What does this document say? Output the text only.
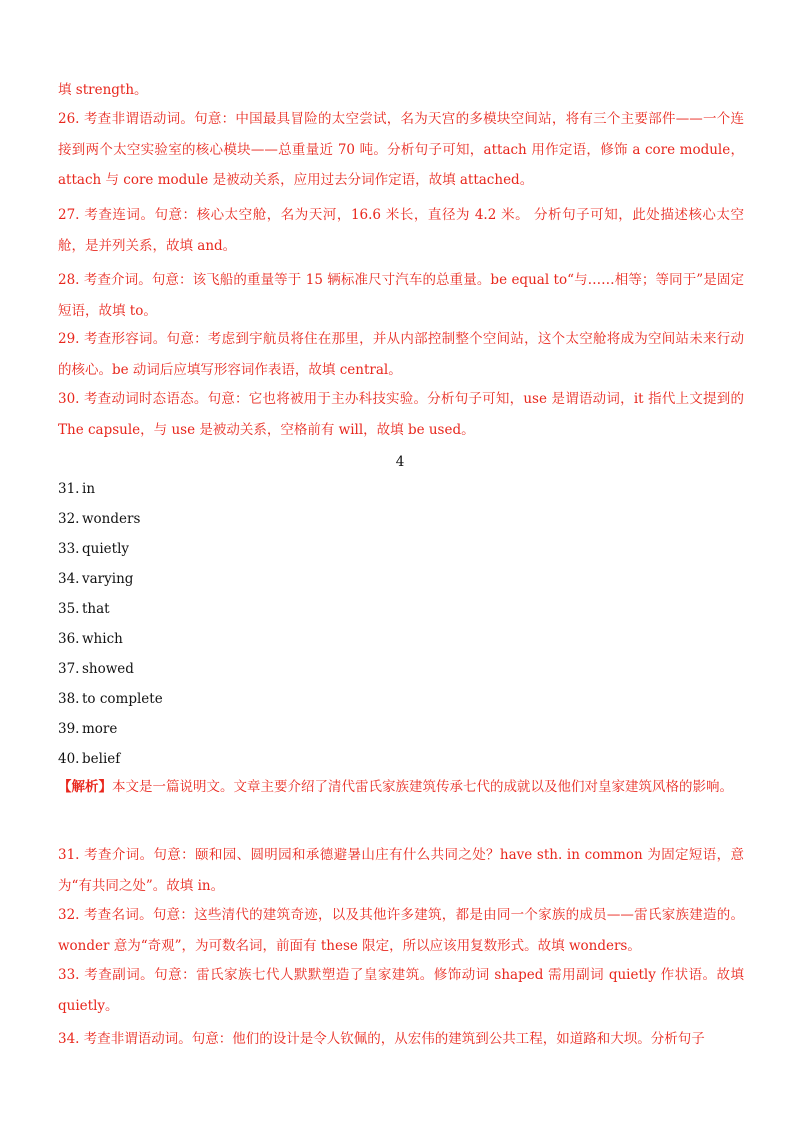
填 strength。
26. 考查非谓语动词。句意：中国最具冒险的太空尝试，名为天宫的多模块空间站，将有三个主要部件——一个连接到两个太空实验室的核心模块——总重量近 70 吨。分析句子可知，attach 用作定语，修饰 a core module，attach 与 core module 是被动关系，应用过去分词作定语，故填 attached。
27. 考查连词。句意：核心太空舱，名为天河，16.6 米长，直径为 4.2 米。 分析句子可知，此处描述核心太空舱，是并列关系，故填 and。
28. 考查介词。句意：该飞船的重量等于 15 辆标准尺寸汽车的总重量。be equal to“与……相等；等同于”是固定短语，故填 to。
29. 考查形容词。句意：考虑到宇航员将住在那里，并从内部控制整个空间站，这个太空舱将成为空间站未来行动的核心。be 动词后应填写形容词作表语，故填 central。
30. 考查动词时态语态。句意：它也将被用于主办科技实验。分析句子可知，use 是谓语动词，it 指代上文提到的 The capsule，与 use 是被动关系，空格前有 will，故填 be used。
4
31. in
32. wonders
33. quietly
34. varying
35. that
36. which
37. showed
38. to complete
39. more
40. belief
【解析】本文是一篇说明文。文章主要介绍了清代雷氏家族建筑传承七代的成就以及他们对皇家建筑风格的影响。
31. 考查介词。句意：颐和园、圆明园和承德避暑山庄有什么共同之处？have sth. in common 为固定短语，意为“有共同之处”。故填 in。
32. 考查名词。句意：这些清代的建筑奇迹，以及其他许多建筑，都是由同一个家族的成员——雷氏家族建造的。wonder 意为“奇观”，为可数名词，前面有 these 限定，所以应该用复数形式。故填 wonders。
33. 考查副词。句意：雷氏家族七代人默默塑造了皇家建筑。修饰动词 shaped 需用副词 quietly 作状语。故填 quietly。
34. 考查非谓语动词。句意：他们的设计是令人钦佩的，从宏伟的建筑到公共工程，如道路和大坝。分析句子
